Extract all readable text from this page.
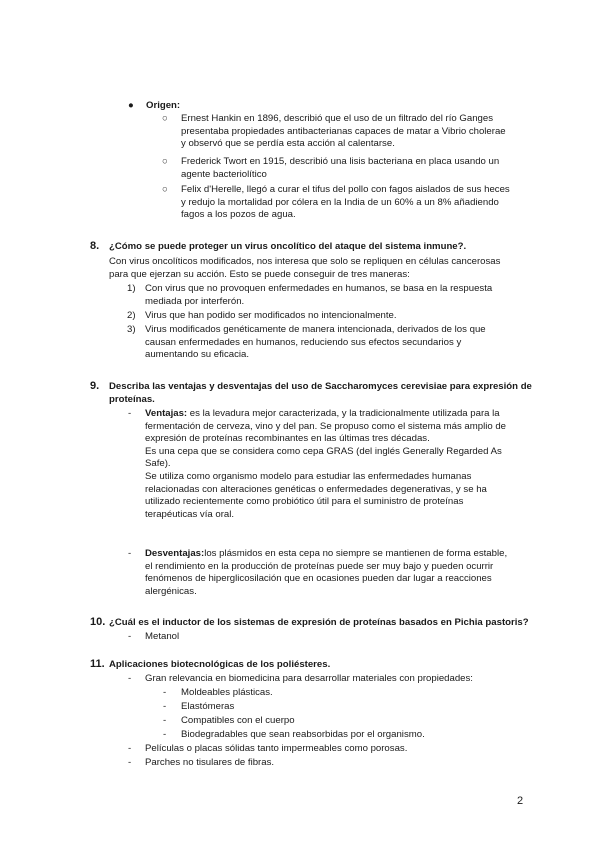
● Origen:
○ Ernest Hankin en 1896, describió que el uso de un filtrado del río Ganges
presentaba propiedades antibacterianas capaces de matar a Vibrio cholerae
y observó que se perdía esta acción al calentarse.
○ Frederick Twort en 1915, describió una lisis bacteriana en placa usando un
agente bacteriolítico
○ Felix d'Herelle, llegó a curar el tifus del pollo con fagos aislados de sus heces
y redujo la mortalidad por cólera en la India de un 60% a un 8% añadiendo
fagos a los pozos de agua.
8. ¿Cómo se puede proteger un virus oncolítico del ataque del sistema inmune?.
Con virus oncolíticos modificados, nos interesa que solo se repliquen en células cancerosas
para que ejerzan su acción. Esto se puede conseguir de tres maneras:
1) Con virus que no provoquen enfermedades en humanos, se basa en la respuesta
mediada por interferón.
2) Virus que han podido ser modificados no intencionalmente.
3) Virus modificados genéticamente de manera intencionada, derivados de los que
causan enfermedades en humanos, reduciendo sus efectos secundarios y
aumentando su eficacia.
9. Describa las ventajas y desventajas del uso de Saccharomyces cerevisiae para expresión de
proteínas.
- Ventajas: es la levadura mejor caracterizada, y la tradicionalmente utilizada para la
fermentación de cerveza, vino y del pan. Se propuso como el sistema más amplio de
expresión de proteínas recombinantes en las últimas tres décadas.
Es una cepa que se considera como cepa GRAS (del inglés Generally Regarded As
Safe).
Se utiliza como organismo modelo para estudiar las enfermedades humanas
relacionadas con alteraciones genéticas o enfermedades degenerativas, y se ha
utilizado recientemente como probiótico útil para el suministro de proteínas
terapéuticas vía oral.
- Desventajas:los plásmidos en esta cepa no siempre se mantienen de forma estable,
el rendimiento en la producción de proteínas puede ser muy bajo y pueden ocurrir
fenómenos de hiperglicosilación que en ocasiones pueden dar lugar a reacciones
alergénicas.
10. ¿Cuál es el inductor de los sistemas de expresión de proteínas basados en Pichia pastoris?
- Metanol
11. Aplicaciones biotecnológicas de los poliésteres.
- Gran relevancia en biomedicina para desarrollar materiales con propiedades:
- Moldeables plásticas.
- Elastómeras
- Compatibles con el cuerpo
- Biodegradables que sean reabsorbidas por el organismo.
- Películas o placas sólidas tanto impermeables como porosas.
- Parches no tisulares de fibras.
2
